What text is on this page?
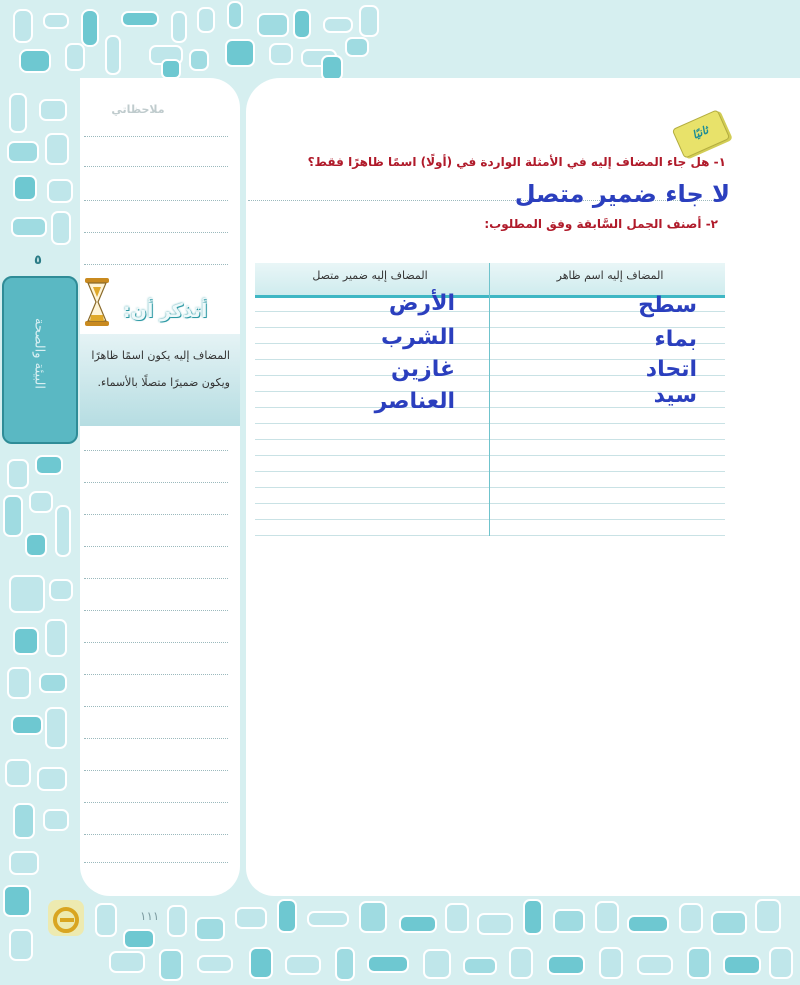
ملاحظاتي
٥
البيئة والصحة
ثانيًا
١- هل جاء المضاف إليه في الأمثلة الواردة في (أولًا) اسمًا ظاهرًا فقط؟
لا جاء ضمير متصل
٢- أصنف الجمل السَّابقة وفق المطلوب:
المضاف إليه اسم ظاهر
المضاف إليه ضمير متصل
سطح
بماء
اتحاد
سيد
الأرض
الشرب
غازين
العناصر
أتذكر أن:
المضاف إليه يكون اسمًا ظاهرًا ويكون ضميرًا متصلًا بالأسماء.
١١١
